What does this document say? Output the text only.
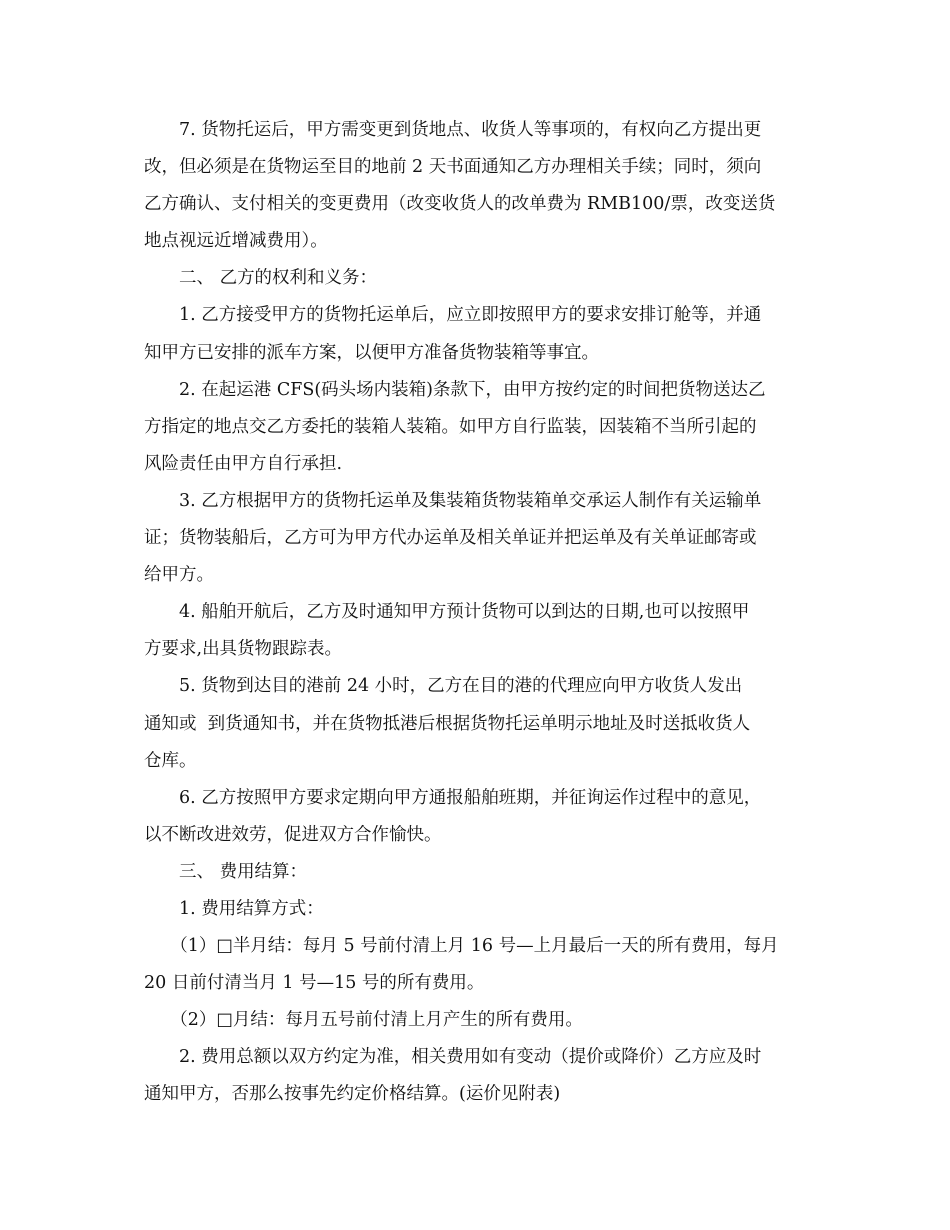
7. 货物托运后，甲方需变更到货地点、收货人等事项的，有权向乙方提出更
改，但必须是在货物运至目的地前 2 天书面通知乙方办理相关手续；同时，须向
乙方确认、支付相关的变更费用（改变收货人的改单费为 RMB100/票，改变送货
地点视远近增减费用）。
二、 乙方的权利和义务：
1. 乙方接受甲方的货物托运单后，应立即按照甲方的要求安排订舱等，并通
知甲方已安排的派车方案，以便甲方准备货物装箱等事宜。
2. 在起运港 CFS(码头场内装箱)条款下，由甲方按约定的时间把货物送达乙
方指定的地点交乙方委托的装箱人装箱。如甲方自行监装，因装箱不当所引起的
风险责任由甲方自行承担.
3. 乙方根据甲方的货物托运单及集装箱货物装箱单交承运人制作有关运输单
证；货物装船后，乙方可为甲方代办运单及相关单证并把运单及有关单证邮寄或
给甲方。
4. 船舶开航后，乙方及时通知甲方预计货物可以到达的日期,也可以按照甲
方要求,出具货物跟踪表。
5. 货物到达目的港前 24 小时，乙方在目的港的代理应向甲方收货人发出
通知或  到货通知书，并在货物抵港后根据货物托运单明示地址及时送抵收货人
仓库。
6. 乙方按照甲方要求定期向甲方通报船舶班期，并征询运作过程中的意见，
以不断改进效劳，促进双方合作愉快。
三、 费用结算：
1. 费用结算方式：
（1）□半月结：每月 5 号前付清上月 16 号—上月最后一天的所有费用，每月
20 日前付清当月 1 号—15 号的所有费用。
（2）□月结：每月五号前付清上月产生的所有费用。
2. 费用总额以双方约定为准，相关费用如有变动（提价或降价）乙方应及时
通知甲方，否那么按事先约定价格结算。(运价见附表)
